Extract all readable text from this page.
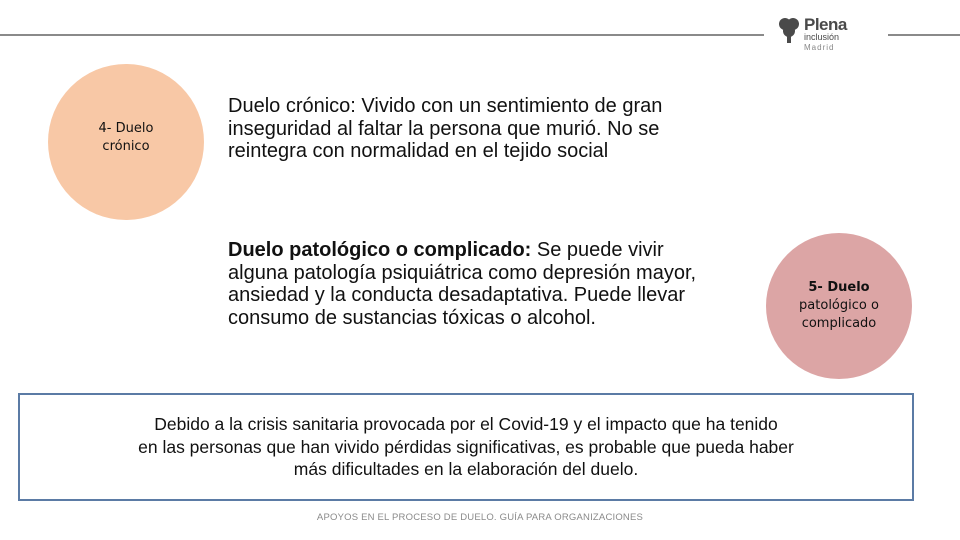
Plena
inclusión
Madrid
4- Duelo
crónico
Duelo crónico: Vivido con un sentimiento de gran inseguridad al faltar la persona que murió. No se reintegra con normalidad en el tejido social
Duelo patológico o complicado: Se puede vivir alguna patología psiquiátrica como depresión mayor, ansiedad y la conducta desadaptativa. Puede llevar consumo de sustancias tóxicas o alcohol.
5- Duelo
patológico o
complicado
Debido a la crisis sanitaria provocada por el Covid-19 y el impacto que ha tenido
en las personas que han vivido pérdidas significativas, es probable que pueda haber
más dificultades en la elaboración del duelo.
APOYOS EN EL PROCESO DE DUELO. GUÍA PARA ORGANIZACIONES
